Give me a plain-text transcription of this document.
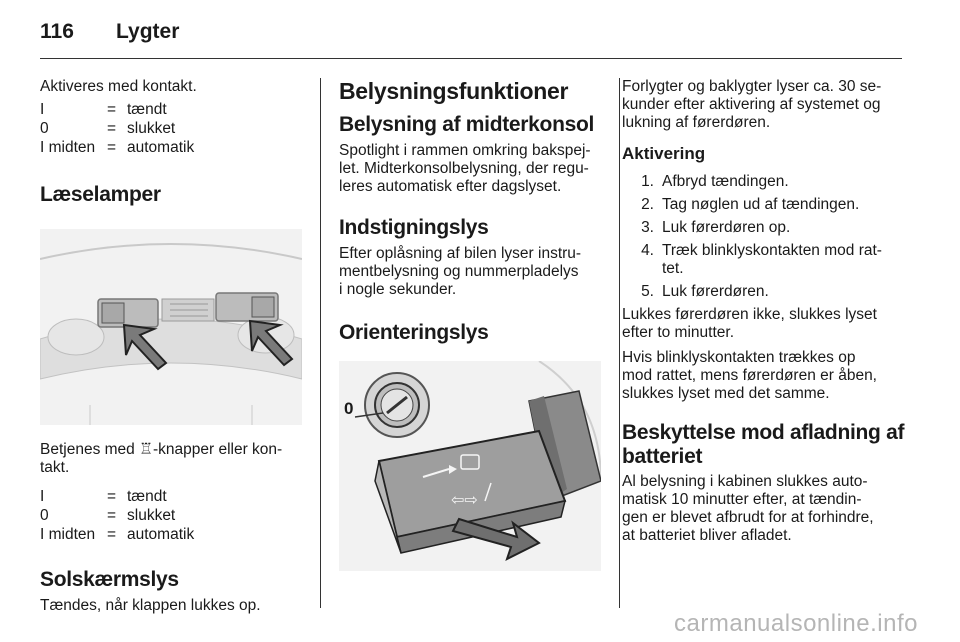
116 Lygter

Aktiveres med kontakt.

I	= tændt
0	= slukket
I midten = automatik
Læselamper

Betjenes med ♖-knapper eller kon-
takt.

I	= tændt
0	= slukket
I midten = automatik
Solskærmslys

Tændes, når klappen lukkes op.

Belysningsfunktioner
Belysning af midterkonsol

Spotlight i rammen omkring bakspej-
let. Midterkonsolbelysning, der regu-
leres automatisk efter dagslyset.

Indstigningslys

Efter oplåsning af bilen lyser instru-
mentbelysning og nummerpladelys
i nogle sekunder.

Orienteringslys
⇦⇨
0

Forlygter og baklygter lyser ca. 30 se-
kunder efter aktivering af systemet og
lukning af førerdøren.

Aktivering
1. Afbryd tændingen.
2. Tag nøglen ud af tændingen.
3. Luk førerdøren op.
4. Træk blinklyskontakten mod rat-
tet.
5. Luk førerdøren.

Lukkes førerdøren ikke, slukkes lyset
efter to minutter.

Hvis blinklyskontakten trækkes op
mod rattet, mens førerdøren er åben,
slukkes lyset med det samme.

Beskyttelse mod afladning af
batteriet

Al belysning i kabinen slukkes auto-
matisk 10 minutter efter, at tændin-
gen er blevet afbrudt for at forhindre,
at batteriet bliver afladet.

carmanualsonline.info
